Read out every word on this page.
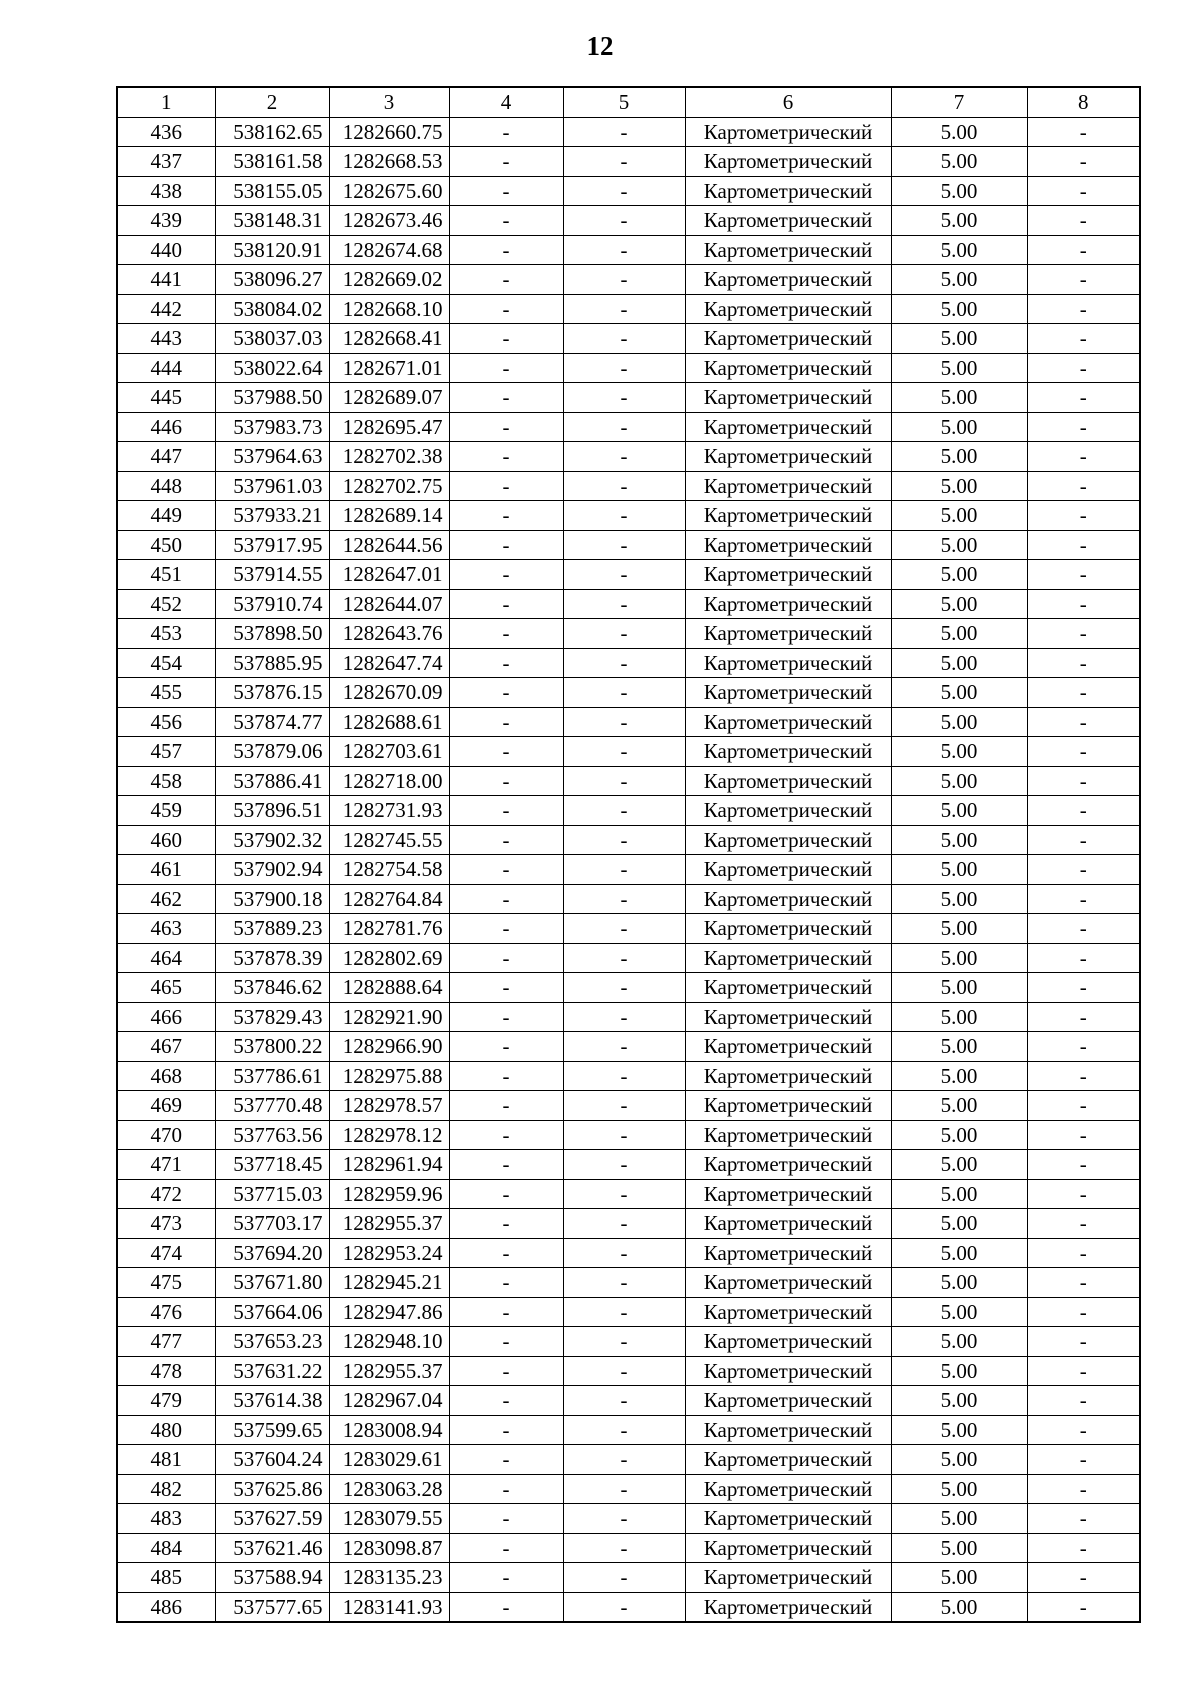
12
1	2	3	4	5	6	7	8
436	538162.65	1282660.75	-	-	Картометрический	5.00	-
437	538161.58	1282668.53	-	-	Картометрический	5.00	-
438	538155.05	1282675.60	-	-	Картометрический	5.00	-
439	538148.31	1282673.46	-	-	Картометрический	5.00	-
440	538120.91	1282674.68	-	-	Картометрический	5.00	-
441	538096.27	1282669.02	-	-	Картометрический	5.00	-
442	538084.02	1282668.10	-	-	Картометрический	5.00	-
443	538037.03	1282668.41	-	-	Картометрический	5.00	-
444	538022.64	1282671.01	-	-	Картометрический	5.00	-
445	537988.50	1282689.07	-	-	Картометрический	5.00	-
446	537983.73	1282695.47	-	-	Картометрический	5.00	-
447	537964.63	1282702.38	-	-	Картометрический	5.00	-
448	537961.03	1282702.75	-	-	Картометрический	5.00	-
449	537933.21	1282689.14	-	-	Картометрический	5.00	-
450	537917.95	1282644.56	-	-	Картометрический	5.00	-
451	537914.55	1282647.01	-	-	Картометрический	5.00	-
452	537910.74	1282644.07	-	-	Картометрический	5.00	-
453	537898.50	1282643.76	-	-	Картометрический	5.00	-
454	537885.95	1282647.74	-	-	Картометрический	5.00	-
455	537876.15	1282670.09	-	-	Картометрический	5.00	-
456	537874.77	1282688.61	-	-	Картометрический	5.00	-
457	537879.06	1282703.61	-	-	Картометрический	5.00	-
458	537886.41	1282718.00	-	-	Картометрический	5.00	-
459	537896.51	1282731.93	-	-	Картометрический	5.00	-
460	537902.32	1282745.55	-	-	Картометрический	5.00	-
461	537902.94	1282754.58	-	-	Картометрический	5.00	-
462	537900.18	1282764.84	-	-	Картометрический	5.00	-
463	537889.23	1282781.76	-	-	Картометрический	5.00	-
464	537878.39	1282802.69	-	-	Картометрический	5.00	-
465	537846.62	1282888.64	-	-	Картометрический	5.00	-
466	537829.43	1282921.90	-	-	Картометрический	5.00	-
467	537800.22	1282966.90	-	-	Картометрический	5.00	-
468	537786.61	1282975.88	-	-	Картометрический	5.00	-
469	537770.48	1282978.57	-	-	Картометрический	5.00	-
470	537763.56	1282978.12	-	-	Картометрический	5.00	-
471	537718.45	1282961.94	-	-	Картометрический	5.00	-
472	537715.03	1282959.96	-	-	Картометрический	5.00	-
473	537703.17	1282955.37	-	-	Картометрический	5.00	-
474	537694.20	1282953.24	-	-	Картометрический	5.00	-
475	537671.80	1282945.21	-	-	Картометрический	5.00	-
476	537664.06	1282947.86	-	-	Картометрический	5.00	-
477	537653.23	1282948.10	-	-	Картометрический	5.00	-
478	537631.22	1282955.37	-	-	Картометрический	5.00	-
479	537614.38	1282967.04	-	-	Картометрический	5.00	-
480	537599.65	1283008.94	-	-	Картометрический	5.00	-
481	537604.24	1283029.61	-	-	Картометрический	5.00	-
482	537625.86	1283063.28	-	-	Картометрический	5.00	-
483	537627.59	1283079.55	-	-	Картометрический	5.00	-
484	537621.46	1283098.87	-	-	Картометрический	5.00	-
485	537588.94	1283135.23	-	-	Картометрический	5.00	-
486	537577.65	1283141.93	-	-	Картометрический	5.00	-
